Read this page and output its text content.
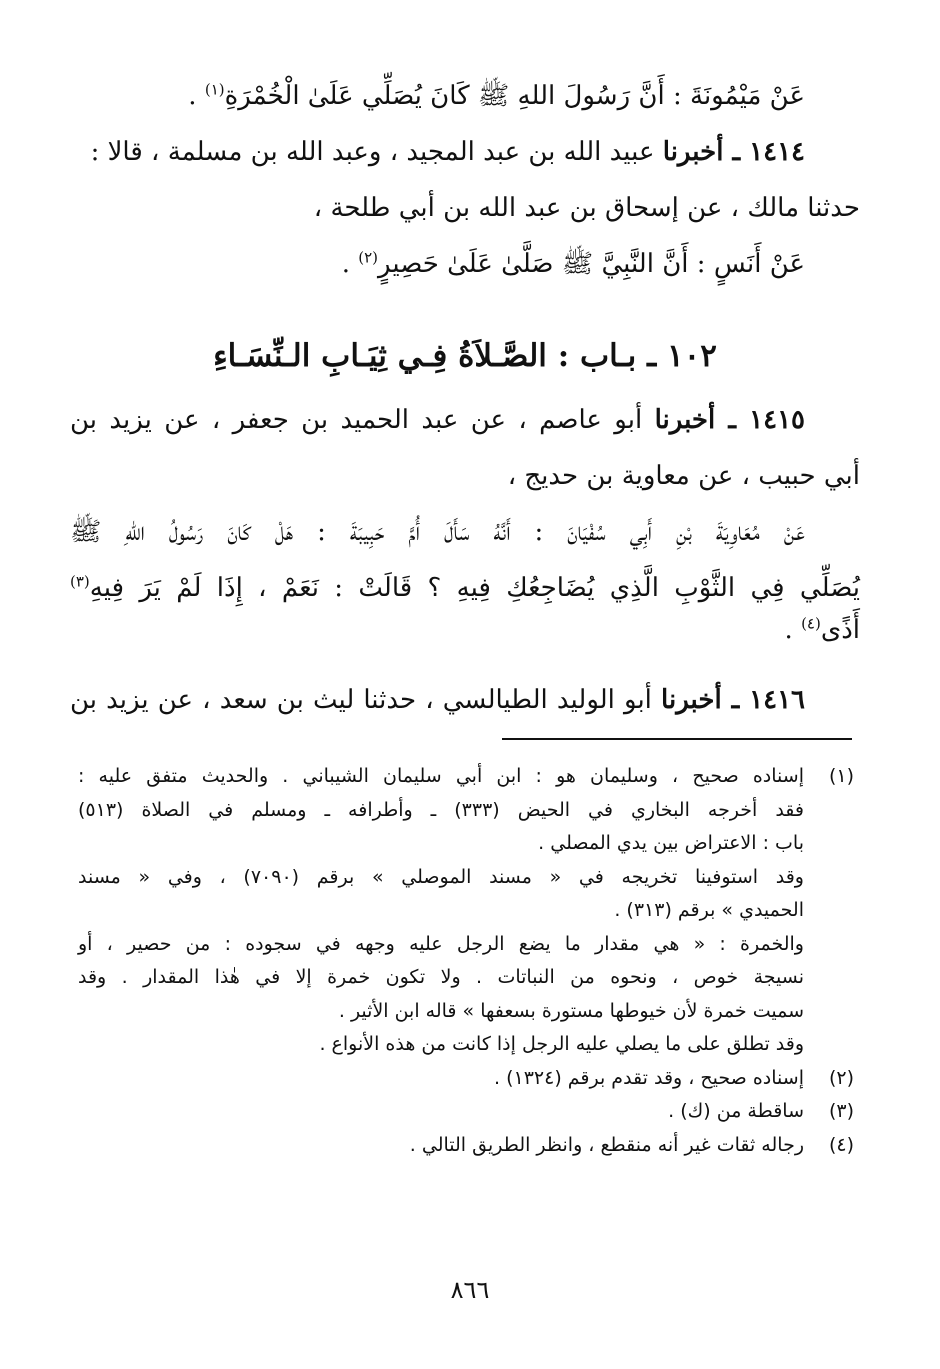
عَنْ مَيْمُونَةَ : أَنَّ رَسُولَ اللهِ ﷺ كَانَ يُصَلِّي عَلَىٰ الْخُمْرَةِ$^{(١)}$ .
١٤١٤ ـ أخبرنا عبيد الله بن عبد المجيد ، وعبد الله بن مسلمة ، قالا :
حدثنا مالك ، عن إسحاق بن عبد الله بن أبي طلحة ،
عَنْ أَنَسٍ : أَنَّ النَّبِيَّ ﷺ صَلَّىٰ عَلَىٰ حَصِيرٍ$^{(٢)}$ .
١٠٢ ـ بـاب : الصَّـلاَةُ فِـي ثِيَـابِ الـنِّسَـاءِ
١٤١٥ ـ أخبرنا أبو عاصم ، عن عبد الحميد بن جعفر ، عن يزيد بن
أبي حبيب ، عن معاوية بن حديج ،
عَنْ مُعَاوِيَةَ بْنِ أَبِي سُفْيَانَ : أَنَّهُ سَأَلَ أُمَّ حَبِيبَةَ : هَلْ كَانَ رَسُولُ اللهِ ﷺ
يُصَلِّي فِي الثَّوْبِ الَّذِي يُضَاجِعُكِ فِيهِ ؟ قَالَتْ : نَعَمْ ، إِذَا لَمْ يَرَ فِيهِ$^{(٣)}$
أَذًى$^{(٤)}$ .
١٤١٦ ـ أخبرنا أبو الوليد الطيالسي ، حدثنا ليث بن سعد ، عن يزيد بن
(١)
إسناده صحيح ، وسليمان هو : ابن أبي سليمان الشيباني . والحديث متفق عليه :
فقد أخرجه البخاري في الحيض (٣٣٣) ـ وأطرافه ـ ومسلم في الصلاة (٥١٣)
باب : الاعتراض بين يدي المصلي .
وقد استوفينا تخريجه في « مسند الموصلي » برقم (٧٠٩٠) ، وفي « مسند
الحميدي » برقم (٣١٣) .
والخمرة : « هي مقدار ما يضع الرجل عليه وجهه في سجوده : من حصير ، أو
نسيجة خوص ، ونحوه من النباتات . ولا تكون خمرة إلا في هٰذا المقدار . وقد
سميت خمرة لأن خيوطها مستورة بسعفها » قاله ابن الأثير .
وقد تطلق على ما يصلي عليه الرجل إذا كانت من هذه الأنواع .
(٢)
إسناده صحيح ، وقد تقدم برقم (١٣٢٤) .
(٣)
ساقطة من (ك) .
(٤)
رجاله ثقات غير أنه منقطع ، وانظر الطريق التالي .
٨٦٦
